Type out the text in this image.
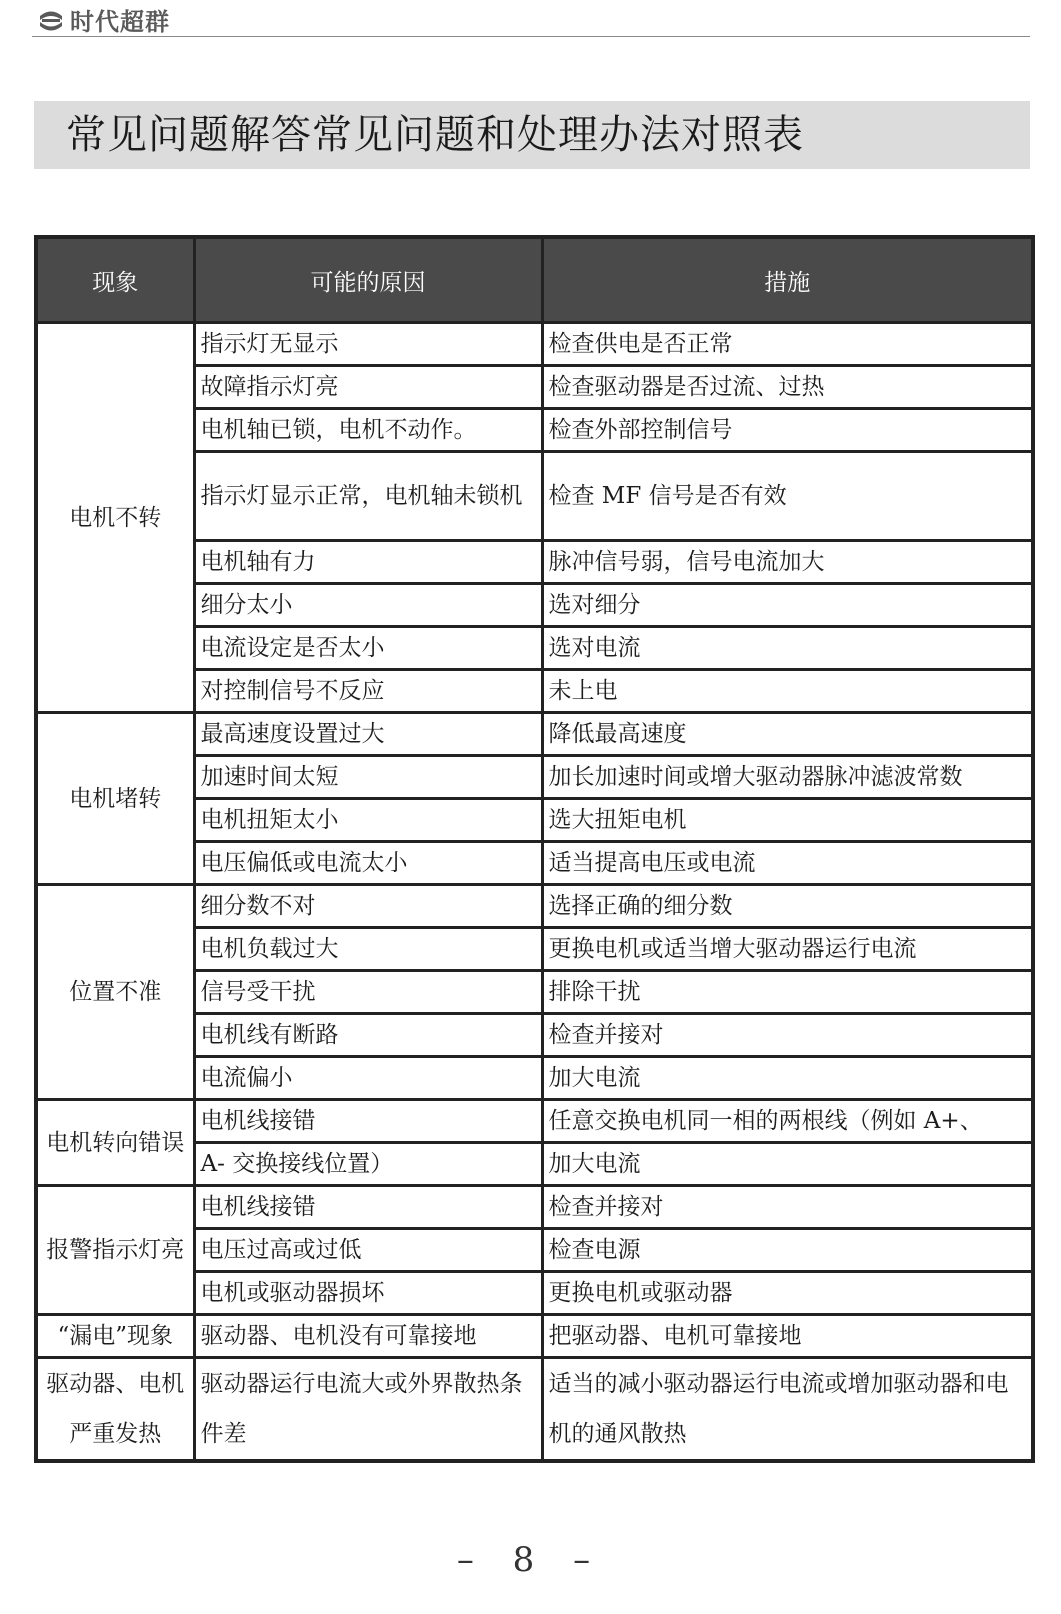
时代超群
常见问题解答常见问题和处理办法对照表
现象	可能的原因	措施
电机不转	指示灯无显示	检查供电是否正常
	故障指示灯亮	检查驱动器是否过流、过热
	电机轴已锁，电机不动作。	检查外部控制信号
	指示灯显示正常，电机轴未锁机	检查 MF 信号是否有效
	电机轴有力	脉冲信号弱，信号电流加大
	细分太小	选对细分
	电流设定是否太小	选对电流
	对控制信号不反应	未上电
电机堵转	最高速度设置过大	降低最高速度
	加速时间太短	加长加速时间或增大驱动器脉冲滤波常数
	电机扭矩太小	选大扭矩电机
	电压偏低或电流太小	适当提高电压或电流
位置不准	细分数不对	选择正确的细分数
	电机负载过大	更换电机或适当增大驱动器运行电流
	信号受干扰	排除干扰
	电机线有断路	检查并接对
	电流偏小	加大电流
电机转向错误	电机线接错	任意交换电机同一相的两根线（例如 A+、
	A- 交换接线位置）	加大电流
报警指示灯亮	电机线接错	检查并接对
	电压过高或过低	检查电源
	电机或驱动器损坏	更换电机或驱动器
“漏电”现象	驱动器、电机没有可靠接地	把驱动器、电机可靠接地
驱动器、电机严重发热	驱动器运行电流大或外界散热条件差	适当的减小驱动器运行电流或增加驱动器和电机的通风散热
– 8 –
